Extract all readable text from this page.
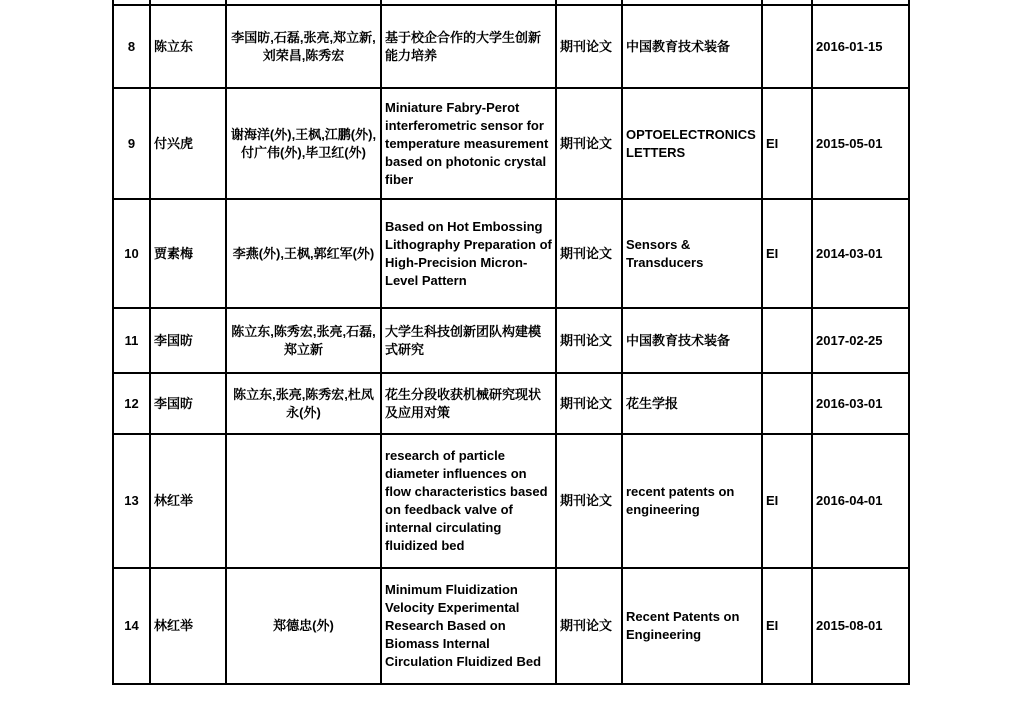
8	陈立东	李国昉,石磊,张亮,郑立新,刘荣昌,陈秀宏	基于校企合作的大学生创新能力培养	期刊论文	中国教育技术装备		2016-01-15
9	付兴虎	谢海洋(外),王枫,江鹏(外),付广伟(外),毕卫红(外)	Miniature Fabry-Perot interferometric sensor for temperature measurement based on photonic crystal fiber	期刊论文	OPTOELECTRONICS LETTERS	EI	2015-05-01
10	贾素梅	李燕(外),王枫,郭红军(外)	Based on Hot Embossing Lithography Preparation of High-Precision Micron-Level Pattern	期刊论文	Sensors & Transducers	EI	2014-03-01
11	李国昉	陈立东,陈秀宏,张亮,石磊,郑立新	大学生科技创新团队构建模式研究	期刊论文	中国教育技术装备		2017-02-25
12	李国昉	陈立东,张亮,陈秀宏,杜凤永(外)	花生分段收获机械研究现状及应用对策	期刊论文	花生学报		2016-03-01
13	林红举		research of particle diameter influences on flow characteristics based on feedback valve of internal circulating fluidized bed	期刊论文	recent patents on engineering	EI	2016-04-01
14	林红举	郑德忠(外)	Minimum Fluidization Velocity Experimental Research Based on Biomass Internal Circulation Fluidized Bed	期刊论文	Recent Patents on Engineering	EI	2015-08-01
